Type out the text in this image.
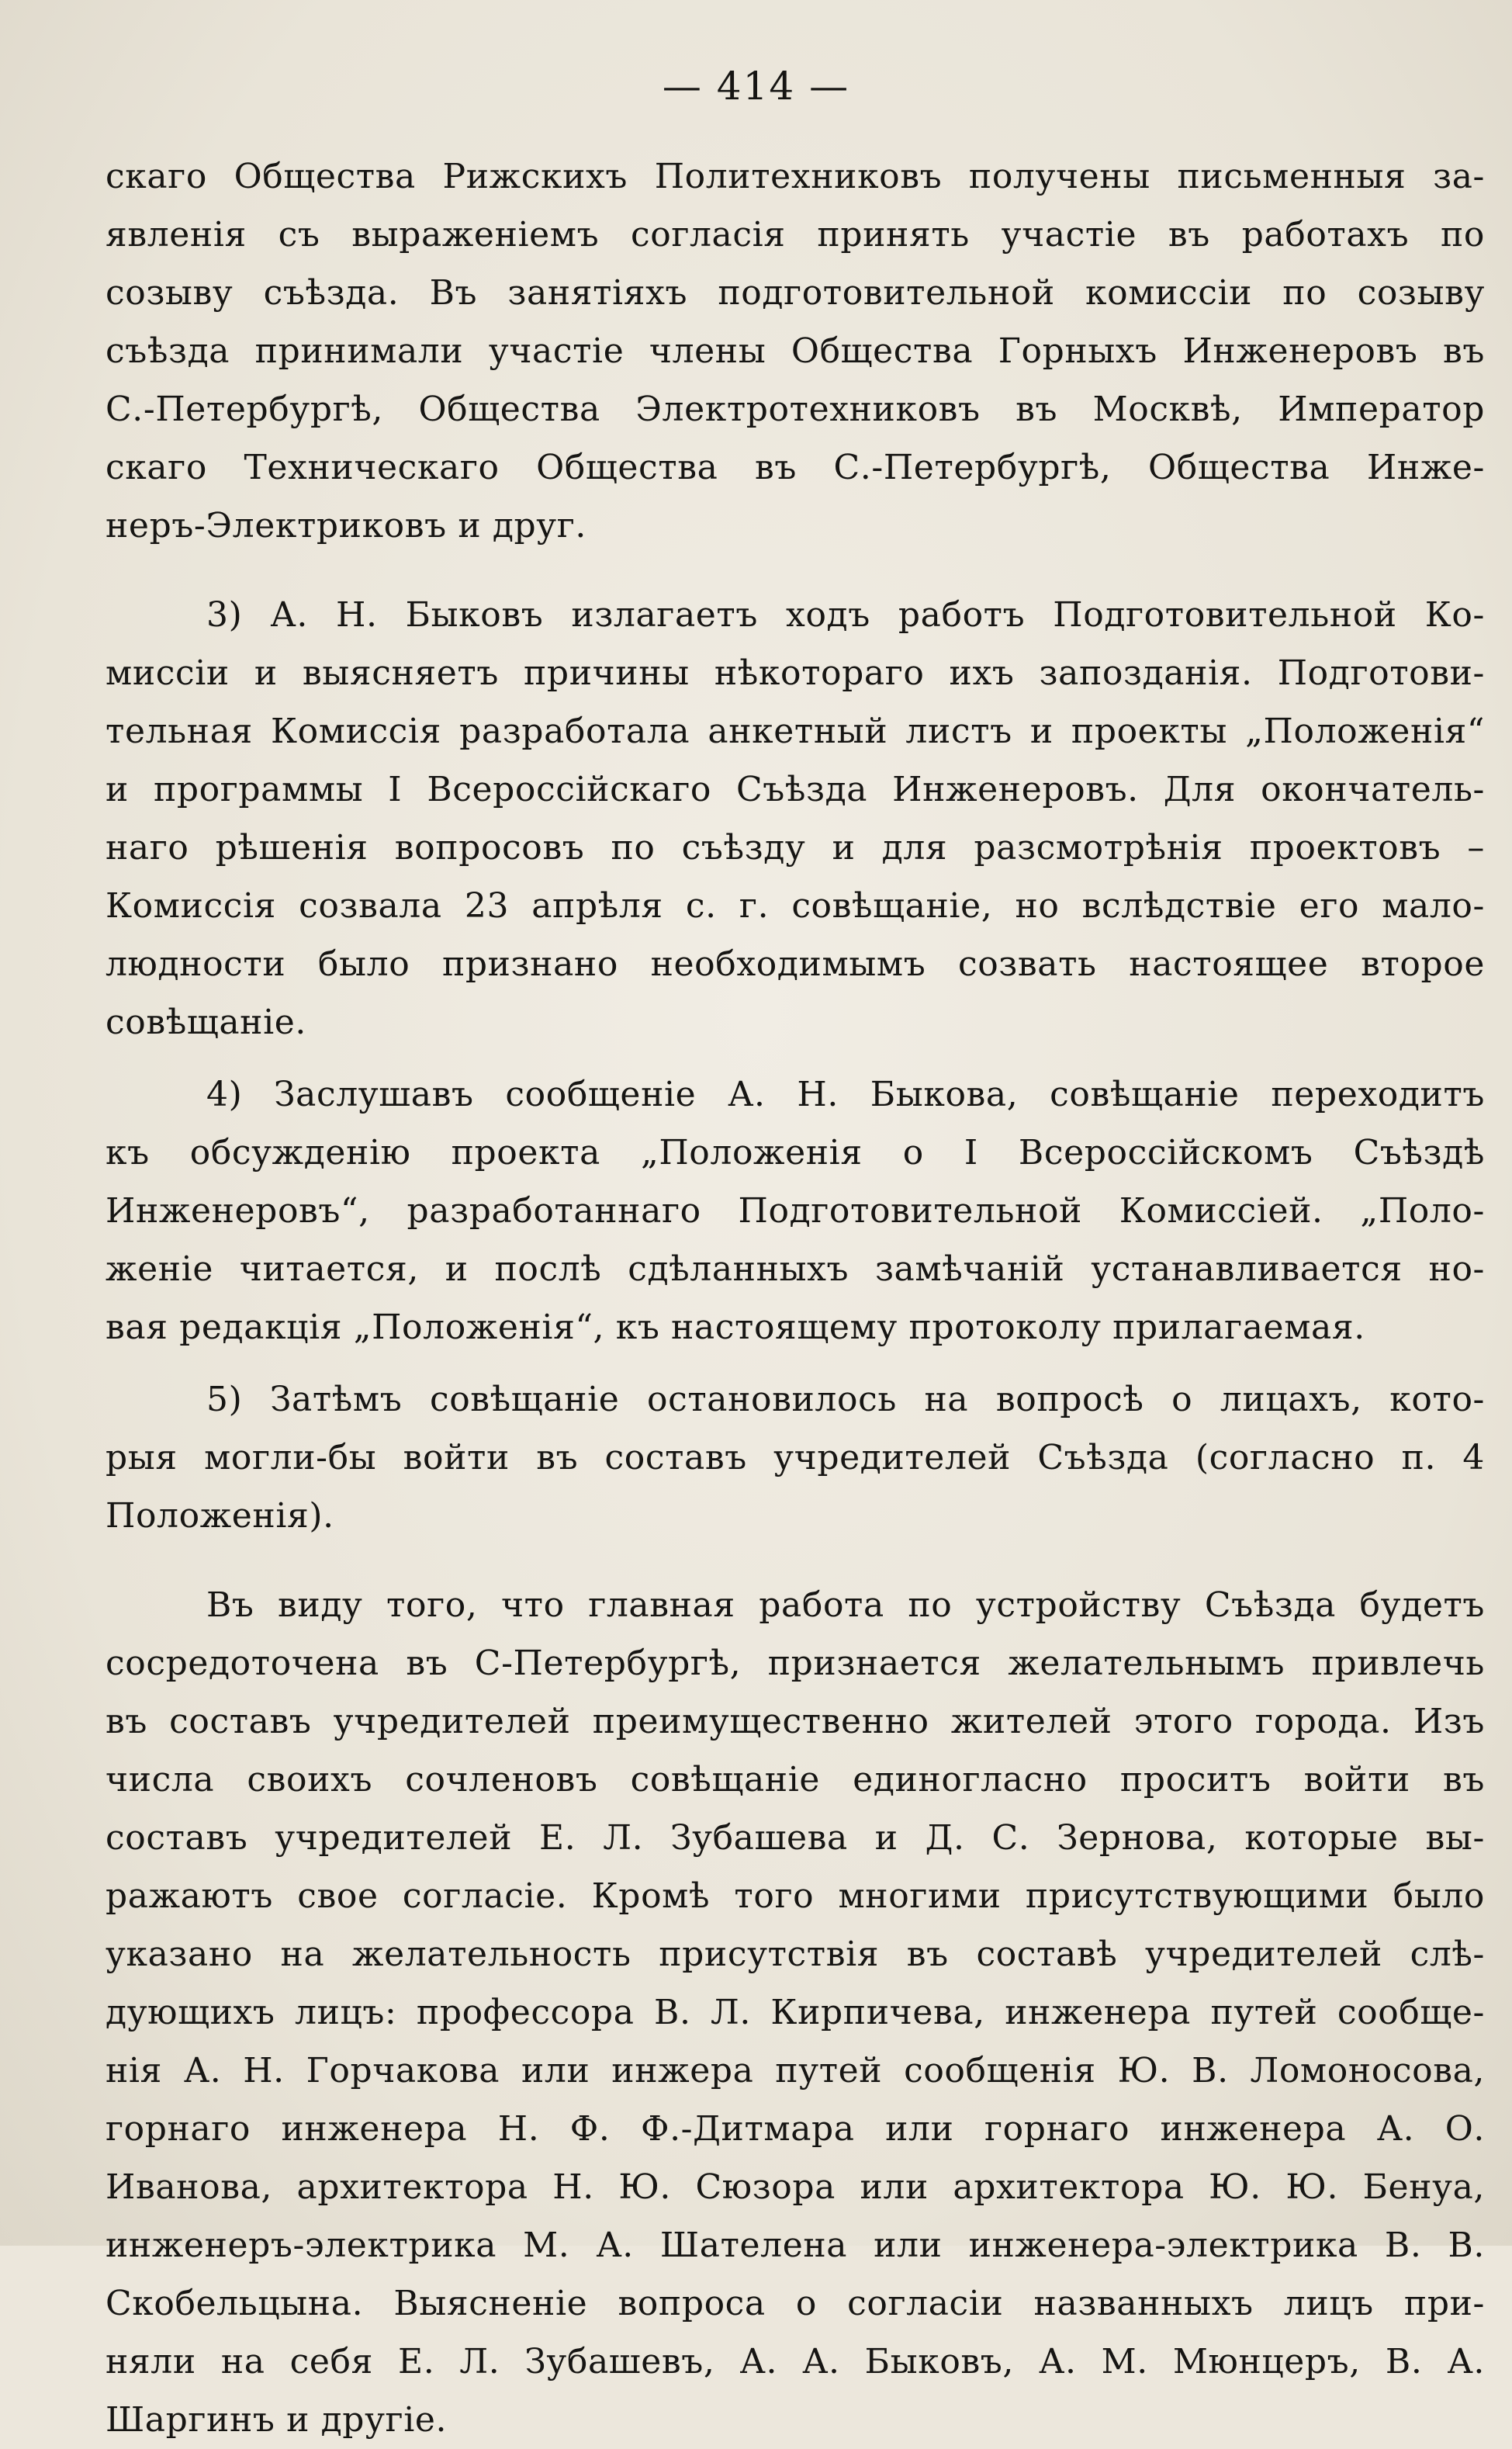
— 414 —
скаго Общества Рижскихъ Политехниковъ получены письменныя за-
явленія съ выраженіемъ согласія принять участіе въ работахъ по
созыву съѣзда. Въ занятіяхъ подготовительной комиссіи по созыву
съѣзда принимали участіе члены Общества Горныхъ Инженеровъ въ
С.-Петербургѣ, Общества Электротехниковъ въ Москвѣ, Император
скаго Техническаго Общества въ С.-Петербургѣ, Общества Инже-
неръ-Электриковъ и друг.
3) А. Н. Быковъ излагаетъ ходъ работъ Подготовительной Ко-
миссіи и выясняетъ причины нѣкотораго ихъ запозданія. Подготови-
тельная Комиссія разработала анкетный листъ и проекты „Положенія“
и программы I Всероссійскаго Съѣзда Инженеровъ. Для окончатель-
наго рѣшенія вопросовъ по съѣзду и для разсмотрѣнія проектовъ –
Комиссія созвала 23 апрѣля с. г. совѣщаніе, но вслѣдствіе его мало-
людности было признано необходимымъ созвать настоящее второе
совѣщаніе.
4) Заслушавъ сообщеніе А. Н. Быкова, совѣщаніе переходитъ
къ обсужденію проекта „Положенія о I Всероссійскомъ Съѣздѣ
Инженеровъ“, разработаннаго Подготовительной Комиссіей. „Поло-
женіе читается, и послѣ сдѣланныхъ замѣчаній устанавливается но-
вая редакція „Положенія“, къ настоящему протоколу прилагаемая.
5) Затѣмъ совѣщаніе остановилось на вопросѣ о лицахъ, кото-
рыя могли-бы войти въ составъ учредителей Съѣзда (согласно п. 4
Положенія).
Въ виду того, что главная работа по устройству Съѣзда будетъ
сосредоточена въ С-Петербургѣ, признается желательнымъ привлечь
въ составъ учредителей преимущественно жителей этого города. Изъ
числа своихъ сочленовъ совѣщаніе единогласно проситъ войти въ
составъ учредителей Е. Л. Зубашева и Д. С. Зернова, которые вы-
ражаютъ свое согласіе. Кромѣ того многими присутствующими было
указано на желательность присутствія въ составѣ учредителей слѣ-
дующихъ лицъ: профессора В. Л. Кирпичева, инженера путей сообще-
нія А. Н. Горчакова или инжера путей сообщенія Ю. В. Ломоносова,
горнаго инженера Н. Ф. Ф.-Дитмара или горнаго инженера А. О.
Иванова, архитектора Н. Ю. Сюзора или архитектора Ю. Ю. Бенуа,
инженеръ-электрика М. А. Шателена или инженера-электрика В. В.
Скобельцына. Выясненіе вопроса о согласіи названныхъ лицъ при-
няли на себя Е. Л. Зубашевъ, А. А. Быковъ, А. М. Мюнцеръ, В. А.
Шаргинъ и другіе.
